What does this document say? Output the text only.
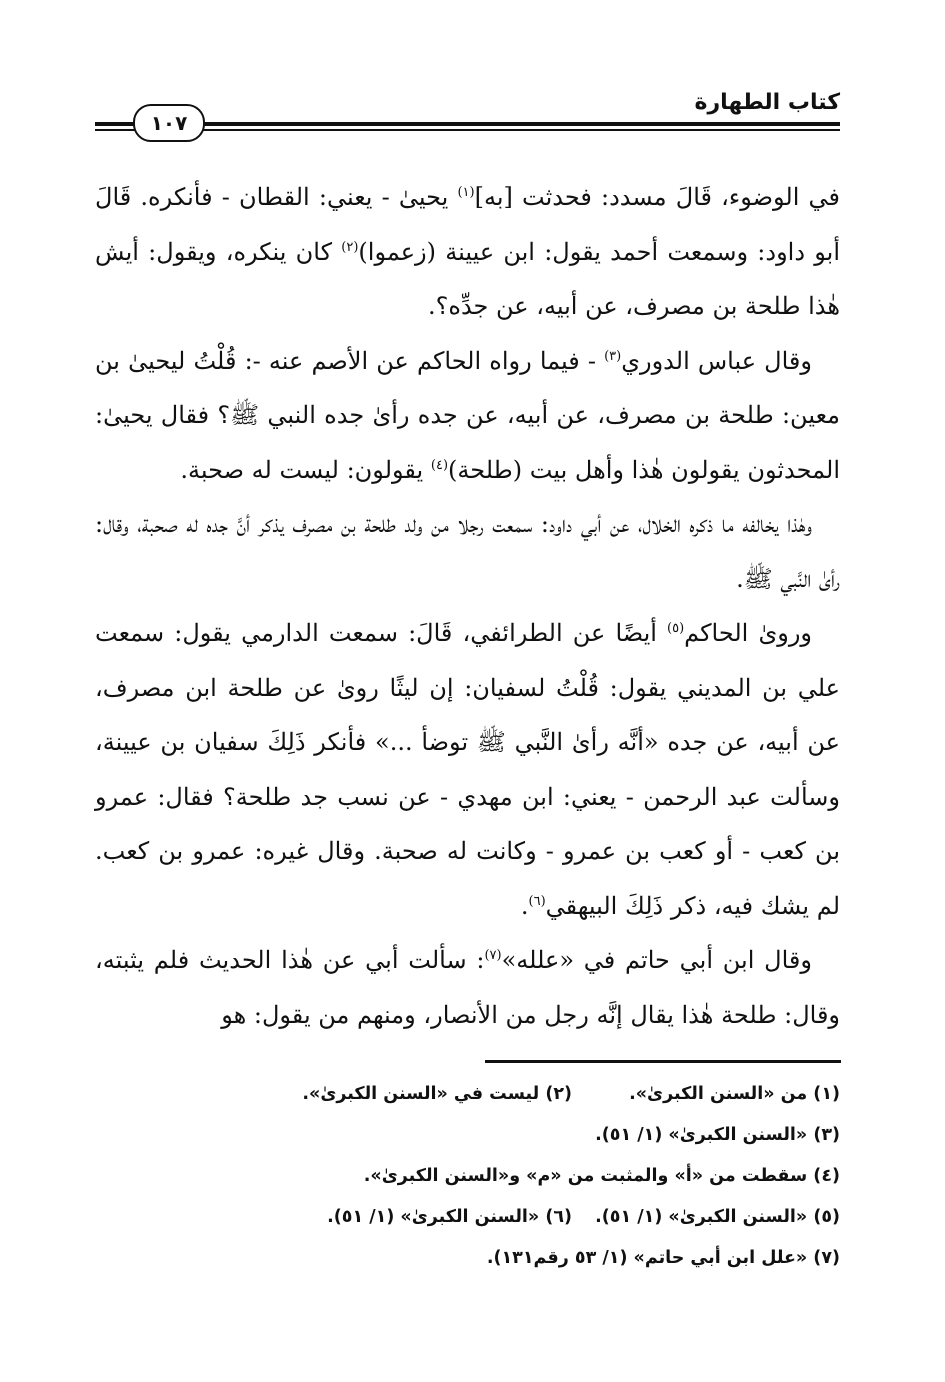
كتاب الطهارة
١٠٧

في الوضوء، قَالَ مسدد: فحدثت [به]$^{(١)}$ يحيىٰ - يعني: القطان - فأنكره. قَالَ أبو داود: وسمعت أحمد يقول: ابن عيينة (زعموا)$^{(٢)}$ كان ينكره، ويقول: أيش هٰذا طلحة بن مصرف، عن أبيه، عن جدِّه؟.

وقال عباس الدوري$^{(٣)}$ - فيما رواه الحاكم عن الأصم عنه -: قُلْتُ ليحيىٰ بن معين: طلحة بن مصرف، عن أبيه، عن جده رأىٰ جده النبي ﷺ؟ فقال يحيىٰ: المحدثون يقولون هٰذا وأهل بيت (طلحة)$^{(٤)}$ يقولون: ليست له صحبة.

وهٰذا يخالفه ما ذكره الخلال، عن أبي داود: سمعت رجلا من ولد طلحة بن مصرف يذكر أنَّ جده له صحبة، وقال: رأىٰ النَّبي ﷺ.

ورویٰ الحاكم$^{(٥)}$ أيضًا عن الطرائفي، قَالَ: سمعت الدارمي يقول: سمعت علي بن المديني يقول: قُلْتُ لسفيان: إن ليثًا روىٰ عن طلحة ابن مصرف، عن أبيه، عن جده «أنَّه رأىٰ النَّبي ﷺ توضأ ...» فأنكر ذَلِكَ سفيان بن عيينة، وسألت عبد الرحمن - يعني: ابن مهدي - عن نسب جد طلحة؟ فقال: عمرو بن كعب - أو كعب بن عمرو - وكانت له صحبة. وقال غيره: عمرو بن كعب. لم يشك فيه، ذكر ذَلِكَ البيهقي$^{(٦)}$.

وقال ابن أبي حاتم في «علله»$^{(٧)}$: سألت أبي عن هٰذا الحديث فلم يثبته، وقال: طلحة هٰذا يقال إنَّه رجل من الأنصار، ومنهم من يقول: هو

(١) من «السنن الكبرىٰ».
(٢) ليست في «السنن الكبرىٰ».
(٣) «السنن الكبرىٰ» (١/ ٥١).
(٤) سقطت من «أ» والمثبت من «م» و«السنن الكبرىٰ».
(٥) «السنن الكبرىٰ» (١/ ٥١).
(٦) «السنن الكبرىٰ» (١/ ٥١).
(٧) «علل ابن أبي حاتم» (١/ ٥٣ رقم١٣١).
